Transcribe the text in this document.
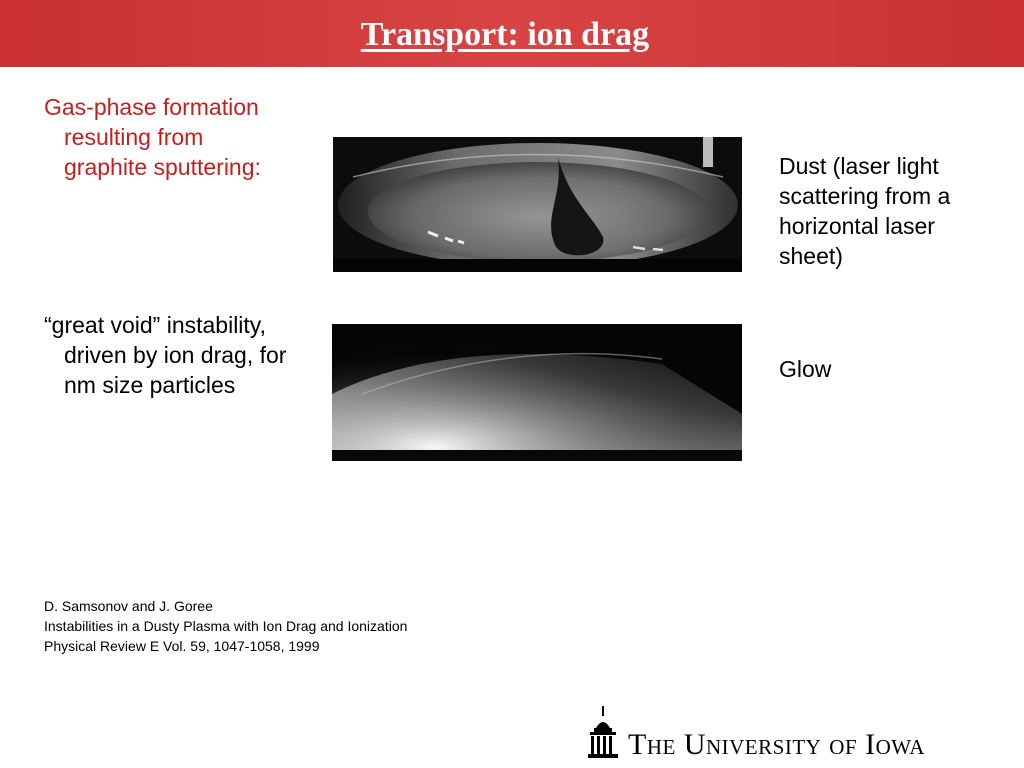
Transport: ion drag
Gas-phase formation resulting from graphite sputtering:
“great void” instability, driven by ion drag, for nm size particles
Dust (laser light scattering from a horizontal laser sheet)
Glow
D. Samsonov and J. Goree
Instabilities in a Dusty Plasma with Ion Drag and Ionization
Physical Review E Vol. 59, 1047-1058, 1999
The University of Iowa
